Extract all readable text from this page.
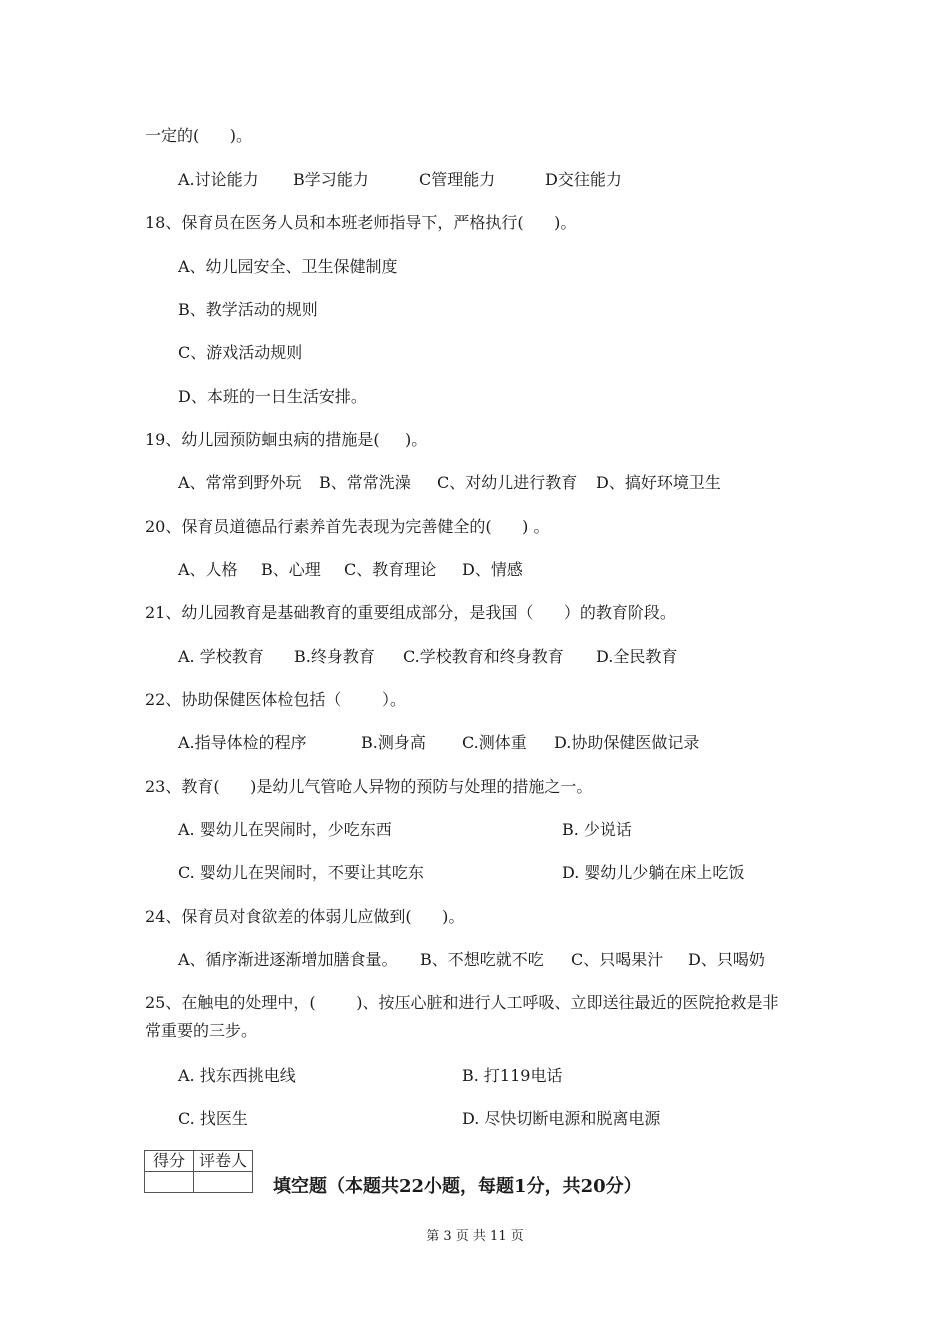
一定的(      )。
A.讨论能力 B学习能力	C管理能力	D交往能力
18、保育员在医务人员和本班老师指导下，严格执行(      )。
A、幼儿园安全、卫生保健制度
B、教学活动的规则
C、游戏活动规则
D、本班的一日生活安排。
19、幼儿园预防蛔虫病的措施是(     )。
A、常常到野外玩 B、常常洗澡 C、对幼儿进行教育 D、搞好环境卫生
20、保育员道德品行素养首先表现为完善健全的(      ) 。
A、人格 B、心理 C、教育理论 D、情感
21、幼儿园教育是基础教育的重要组成部分，是我国（      ）的教育阶段。
A. 学校教育 B.终身教育 C.学校教育和终身教育 D.全民教育
22、协助保健医体检包括（        ）。
A.指导体检的程序	B.测身高 C.测体重 D.协助保健医做记录
23、教育(      )是幼儿气管呛人异物的预防与处理的措施之一。
A. 婴幼儿在哭闹时，少吃东西	B. 少说话
C. 婴幼儿在哭闹时，不要让其吃东	D. 婴幼儿少躺在床上吃饭
24、保育员对食欲差的体弱儿应做到(      )。
A、循序渐进逐渐增加膳食量。 B、不想吃就不吃 C、只喝果汁 D、只喝奶
25、在触电的处理中，(        )、按压心脏和进行人工呼吸、立即送往最近的医院抢救是非
常重要的三步。
A. 找东西挑电线	B. 打119电话
C. 找医生	D. 尽快切断电源和脱离电源
得分	评卷人

填空题（本题共22小题，每题1分，共20分）
第 3 页 共 11 页
